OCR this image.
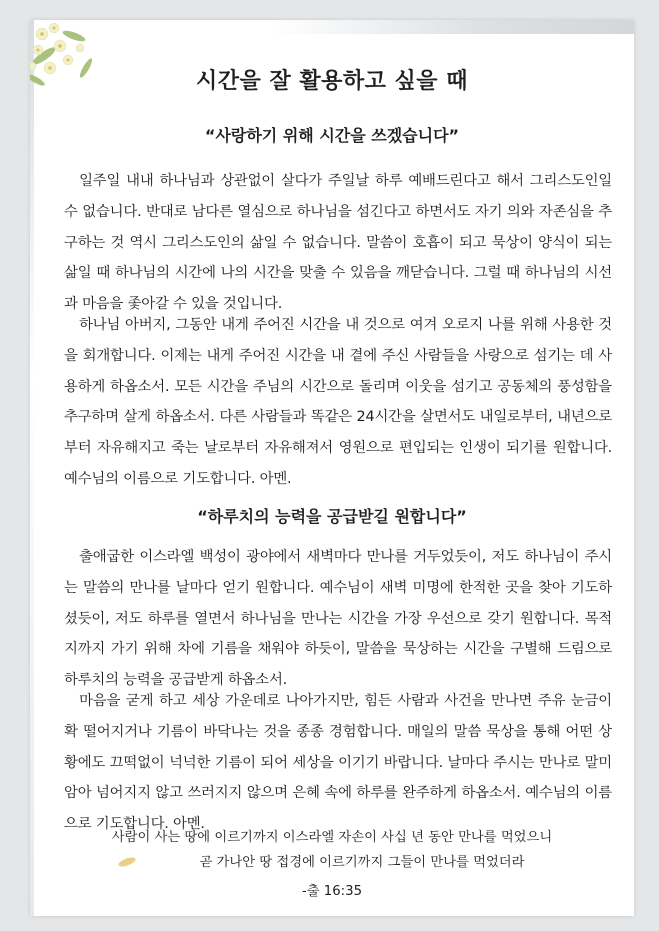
시간을 잘 활용하고 싶을 때
“사랑하기 위해 시간을 쓰겠습니다”

일주일 내내 하나님과 상관없이 살다가 주일날 하루 예배드린다고 해서 그리스도인일 수 없습니다. 반대로 남다른 열심으로 하나님을 섬긴다고 하면서도 자기 의와 자존심을 추구하는 것 역시 그리스도인의 삶일 수 없습니다. 말씀이 호흡이 되고 묵상이 양식이 되는 삶일 때 하나님의 시간에 나의 시간을 맞출 수 있음을 깨닫습니다. 그럴 때 하나님의 시선과 마음을 좇아갈 수 있을 것입니다.

하나님 아버지, 그동안 내게 주어진 시간을 내 것으로 여겨 오로지 나를 위해 사용한 것을 회개합니다. 이제는 내게 주어진 시간을 내 곁에 주신 사람들을 사랑으로 섬기는 데 사용하게 하옵소서. 모든 시간을 주님의 시간으로 돌리며 이웃을 섬기고 공동체의 풍성함을 추구하며 살게 하옵소서. 다른 사람들과 똑같은 24시간을 살면서도 내일로부터, 내년으로부터 자유해지고 죽는 날로부터 자유해져서 영원으로 편입되는 인생이 되기를 원합니다. 예수님의 이름으로 기도합니다. 아멘.

“하루치의 능력을 공급받길 원합니다”

출애굽한 이스라엘 백성이 광야에서 새벽마다 만나를 거두었듯이, 저도 하나님이 주시는 말씀의 만나를 날마다 얻기 원합니다. 예수님이 새벽 미명에 한적한 곳을 찾아 기도하셨듯이, 저도 하루를 열면서 하나님을 만나는 시간을 가장 우선으로 갖기 원합니다. 목적지까지 가기 위해 차에 기름을 채워야 하듯이, 말씀을 묵상하는 시간을 구별해 드림으로 하루치의 능력을 공급받게 하옵소서.

마음을 굳게 하고 세상 가운데로 나아가지만, 힘든 사람과 사건을 만나면 주유 눈금이 확 떨어지거나 기름이 바닥나는 것을 종종 경험합니다. 매일의 말씀 묵상을 통해 어떤 상황에도 끄떡없이 넉넉한 기름이 되어 세상을 이기기 바랍니다. 날마다 주시는 만나로 말미암아 넘어지지 않고 쓰러지지 않으며 은혜 속에 하루를 완주하게 하옵소서. 예수님의 이름으로 기도합니다. 아멘.

사람이 사는 땅에 이르기까지 이스라엘 자손이 사십 년 동안 만나를 먹었으니
곧 가나안 땅 접경에 이르기까지 그들이 만나를 먹었더라
-출 16:35
